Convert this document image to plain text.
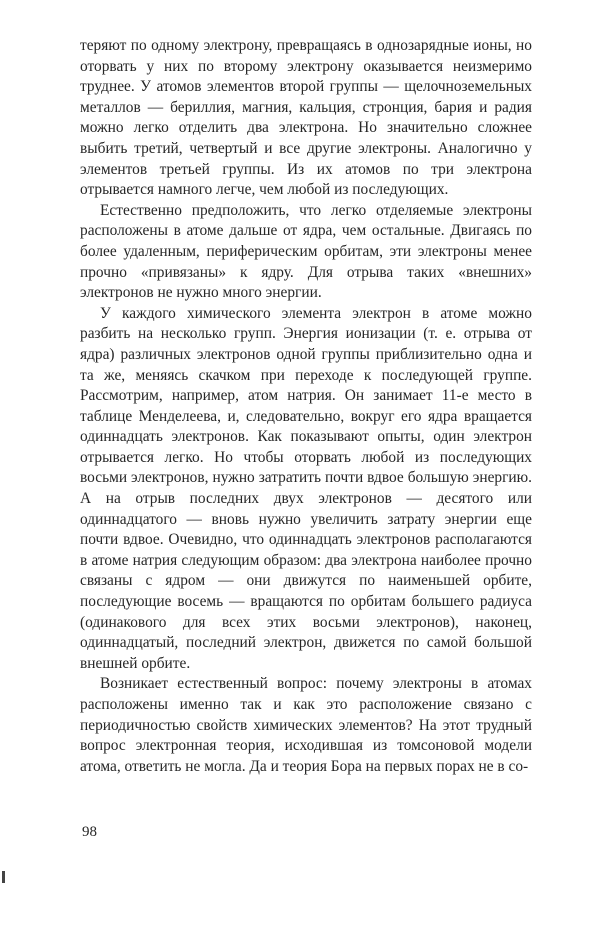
теряют по одному электрону, превращаясь в однозарядные ионы, но оторвать у них по второму электрону оказывается неизмеримо труднее. У атомов элементов второй группы — щелочноземельных металлов — бериллия, магния, кальция, стронция, бария и радия можно легко отделить два электрона. Но значительно сложнее выбить третий, четвертый и все другие электроны. Аналогично у элементов третьей группы. Из их атомов по три электрона отрывается намного легче, чем любой из последующих.

Естественно предположить, что легко отделяемые электроны расположены в атоме дальше от ядра, чем остальные. Двигаясь по более удаленным, периферическим орбитам, эти электроны менее прочно «привязаны» к ядру. Для отрыва таких «внешних» электронов не нужно много энергии.

У каждого химического элемента электрон в атоме можно разбить на несколько групп. Энергия ионизации (т. е. отрыва от ядра) различных электронов одной группы приблизительно одна и та же, меняясь скачком при переходе к последующей группе. Рассмотрим, например, атом натрия. Он занимает 11-е место в таблице Менделеева, и, следовательно, вокруг его ядра вращается одиннадцать электронов. Как показывают опыты, один электрон отрывается легко. Но чтобы оторвать любой из последующих восьми электронов, нужно затратить почти вдвое большую энергию. А на отрыв последних двух электронов — десятого или одиннадцатого — вновь нужно увеличить затрату энергии еще почти вдвое. Очевидно, что одиннадцать электронов располагаются в атоме натрия следующим образом: два электрона наиболее прочно связаны с ядром — они движутся по наименьшей орбите, последующие восемь — вращаются по орбитам большего радиуса (одинакового для всех этих восьми электронов), наконец, одиннадцатый, последний электрон, движется по самой большой внешней орбите.

Возникает естественный вопрос: почему электроны в атомах расположены именно так и как это расположение связано с периодичностью свойств химических элементов? На этот трудный вопрос электронная теория, исходившая из томсоновой модели атома, ответить не могла. Да и теория Бора на первых порах не в со-

98
